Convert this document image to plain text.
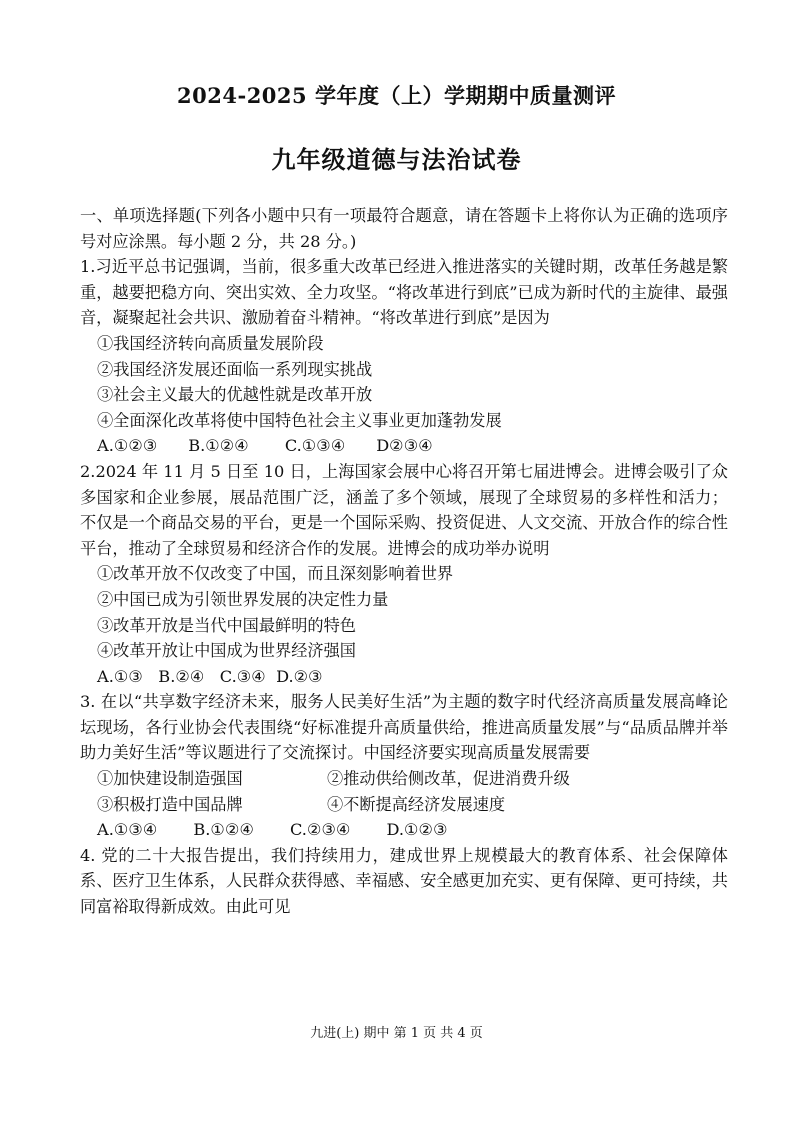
2024-2025 学年度（上）学期期中质量测评
九年级道德与法治试卷

一、单项选择题(下列各小题中只有一项最符合题意，请在答题卡上将你认为正确的选项序号对应涂黑。每小题 2 分，共 28 分。)

1.习近平总书记强调，当前，很多重大改革已经进入推进落实的关键时期，改革任务越是繁重，越要把稳方向、突出实效、全力攻坚。“将改革进行到底”已成为新时代的主旋律、最强音，凝聚起社会共识、激励着奋斗精神。“将改革进行到底”是因为

①我国经济转向高质量发展阶段

②我国经济发展还面临一系列现实挑战

③社会主义最大的优越性就是改革开放

④全面深化改革将使中国特色社会主义事业更加蓬勃发展

A.①②③      B.①②④       C.①③④      D②③④

2.2024 年 11 月 5 日至 10 日，上海国家会展中心将召开第七届进博会。进博会吸引了众多国家和企业参展，展品范围广泛，涵盖了多个领域，展现了全球贸易的多样性和活力； 不仅是一个商品交易的平台，更是一个国际采购、投资促进、人文交流、开放合作的综合性平台，推动了全球贸易和经济合作的发展。进博会的成功举办说明

①改革开放不仅改变了中国，而且深刻影响着世界

②中国已成为引领世界发展的决定性力量

③改革开放是当代中国最鲜明的特色

④改革开放让中国成为世界经济强国

A.①③   B.②④   C.③④  D.②③

3. 在以“共享数字经济未来，服务人民美好生活”为主题的数字时代经济高质量发展高峰论坛现场，各行业协会代表围绕“好标准提升高质量供给，推进高质量发展”与“品质品牌并举助力美好生活”等议题进行了交流探讨。中国经济要实现高质量发展需要

①加快建设制造强国	②推动供给侧改革，促进消费升级
③积极打造中国品牌	④不断提高经济发展速度

A.①③④       B.①②④       C.②③④       D.①②③

4. 党的二十大报告提出，我们持续用力，建成世界上规模最大的教育体系、社会保障体系、医疗卫生体系，人民群众获得感、幸福感、安全感更加充实、更有保障、更可持续，共同富裕取得新成效。由此可见

九进(上) 期中 第 1 页 共 4 页
